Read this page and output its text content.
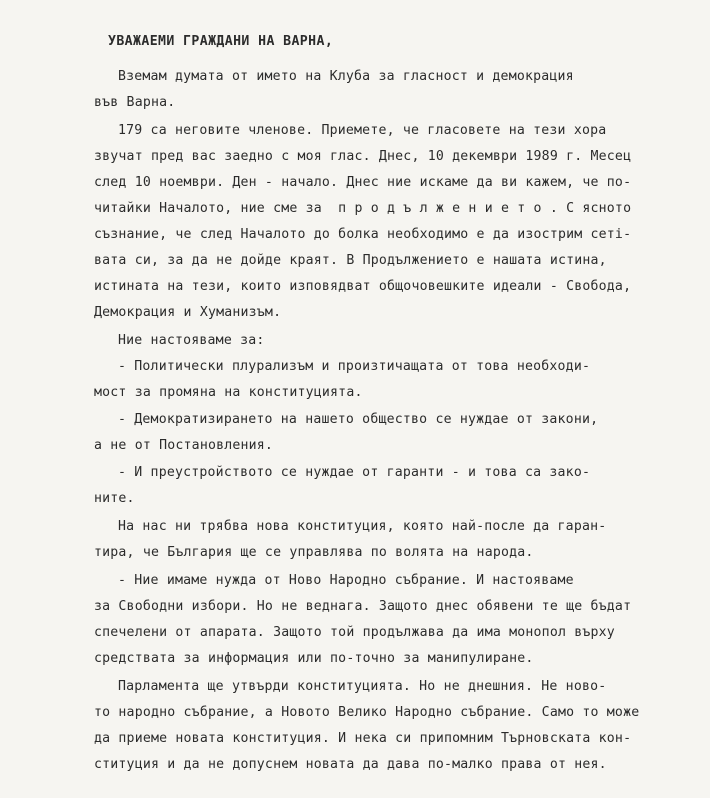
УВАЖАЕМИ ГРАЖДАНИ НА ВАРНА,
Вземам думата от името на Клуба за гласност и демокрация
във Варна.
179 са неговите членове. Приемете, че гласовете на тези хора
звучат пред вас заедно с моя глас. Днес, 10 декември 1989 г. Месец
след 10 ноември. Ден - начало. Днес ние искаме да ви кажем, че по-
читайки Началото, ние сме за  п р о д ъ л ж е н и е т о . С ясното
съзнание, че след Началото до болка необходимо е да изострим сетi-
вата си, за да не дойде краят. В Продължението е нашата истина,
истината на тези, които изповядват общочовешките идеали - Свобода,
Демокрация и Хуманизъм.
Ние настояваме за:
- Политически плурализъм и произтичащата от това необходи-
мост за промяна на конституцията.
- Демократизирането на нашето общество се нуждае от закони,
а не от Постановления.
- И преустройството се нуждае от гаранти - и това са зако-
ните.
На нас ни трябва нова конституция, която най-после да гаран-
тира, че България ще се управлява по волята на народа.
- Ние имаме нужда от Ново Народно събрание. И настояваме
за Свободни избори. Но не веднага. Защото днес обявени те ще бъдат
спечелени от апарата. Защото той продължава да има монопол върху
средствата за информация или по-точно за манипулиране.
Парламента ще утвърди конституцията. Но не днешния. Не ново-
то народно събрание, а Новото Велико Народно събрание. Само то може
да приеме новата конституция. И нека си припомним Търновската кон-
ституция и да не допуснем новата да дава по-малко права от нея.
